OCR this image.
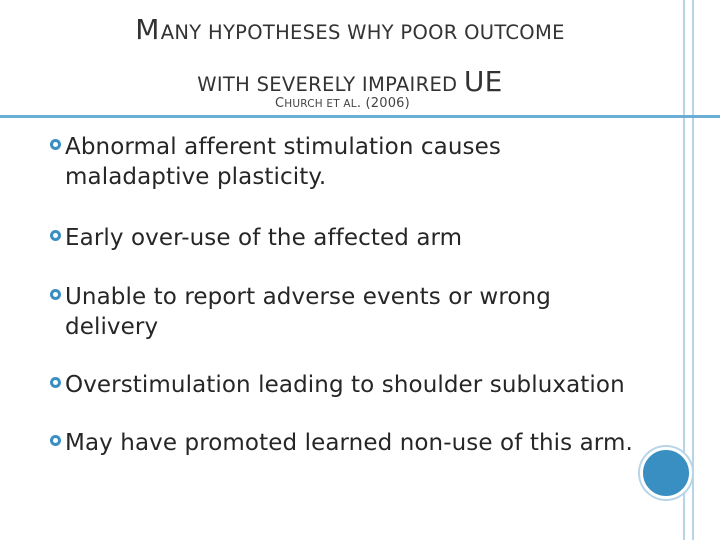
MANY HYPOTHESES WHY POOR OUTCOME
WITH SEVERELY IMPAIRED UE
CHURCH ET AL. (2006)
Abnormal afferent stimulation causes maladaptive plasticity.
Early over-use of the affected arm
Unable to report adverse events or wrong delivery
Overstimulation leading to shoulder subluxation
May have promoted learned non-use of this arm.
